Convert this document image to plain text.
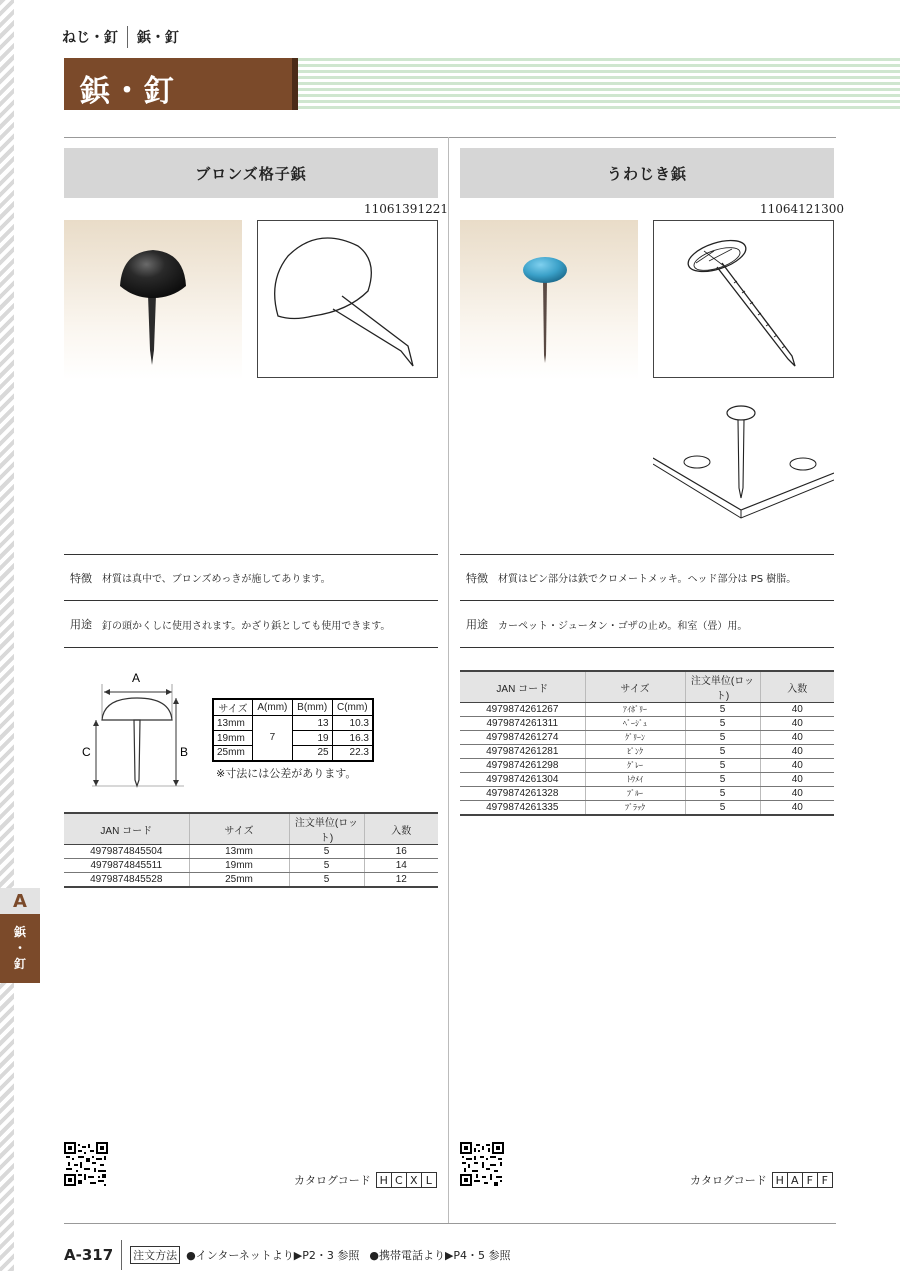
ねじ・釘 鋲・釘
鋲・釘
ブロンズ格子鋲
11061391221
特徴	材質は真中で、ブロンズめっきが施してあります。
用途	釘の頭かくしに使用されます。かざり鋲としても使用できます。
A
C	B
サイズ	A(mm)	B(mm)	C(mm)
13mm	7	13	10.3
19mm		19	16.3
25mm		25	22.3
※寸法には公差があります。
JAN コード	サイズ	注文単位(ロット)	入数
4979874845504	13mm	5	16
4979874845511	19mm	5	14
4979874845528	25mm	5	12
カタログコード H C X L
うわじき鋲
11064121300
特徴	材質はピン部分は鉄でクロメートメッキ。ヘッド部分は PS 樹脂。
用途	カーペット・ジュータン・ゴザの止め。和室（畳）用。
JAN コード	サイズ	注文単位(ロット)	入数
4979874261267	ｱｲﾎﾞﾘｰ	5	40
4979874261311	ﾍﾞｰｼﾞｭ	5	40
4979874261274	ｸﾞﾘｰﾝ	5	40
4979874261281	ﾋﾟﾝｸ	5	40
4979874261298	ｸﾞﾚｰ	5	40
4979874261304	ﾄｳﾒｲ	5	40
4979874261328	ﾌﾞﾙｰ	5	40
4979874261335	ﾌﾞﾗｯｸ	5	40
カタログコード H A F F
A
鋲
・
釘
A-317 注文方法 ●インターネットより▶P2・3 参照 ●携帯電話より▶P4・5 参照
